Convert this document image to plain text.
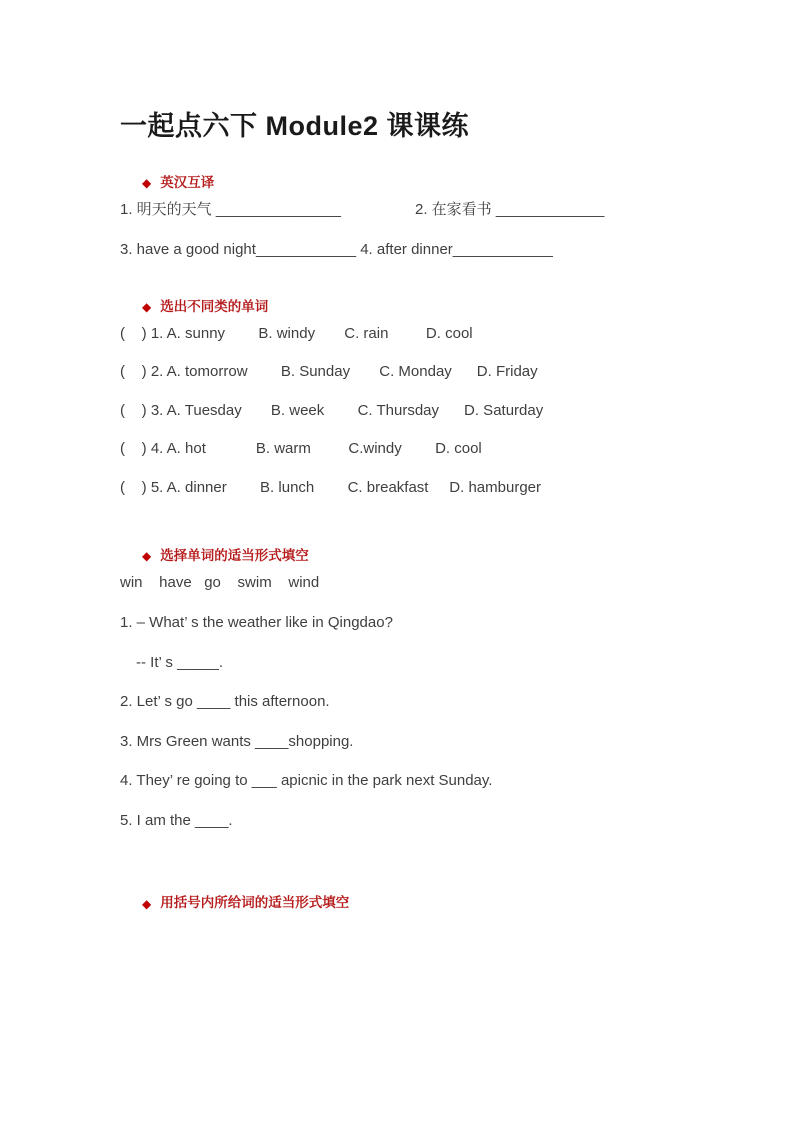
一起点六下 Module2 课课练
◆ 英汉互译
1. 明天的天气 _______________	2. 在家看书 _____________
3. have a good night____________ 4. after dinner____________
◆ 选出不同类的单词
(    ) 1. A. sunny        B. windy       C. rain         D. cool
(    ) 2. A. tomorrow        B. Sunday       C. Monday      D. Friday
(    ) 3. A. Tuesday       B. week        C. Thursday      D. Saturday
(    ) 4. A. hot            B. warm         C.windy        D. cool
(    ) 5. A. dinner        B. lunch        C. breakfast     D. hamburger
◆ 选择单词的适当形式填空
win    have   go    swim    wind
1. – What’ s the weather like in Qingdao?
-- It’ s _____.
2. Let’ s go ____ this afternoon.
3. Mrs Green wants ____shopping.
4. They’ re going to ___ apicnic in the park next Sunday.
5. I am the ____.
◆ 用括号内所给词的适当形式填空
